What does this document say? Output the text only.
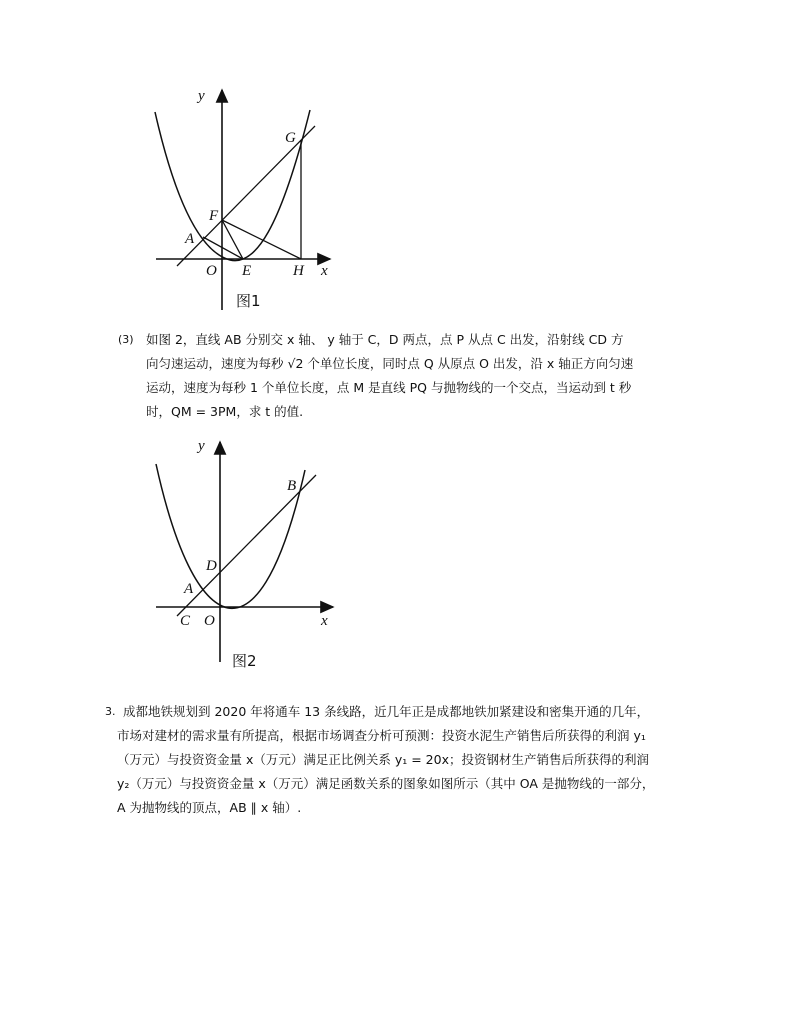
y
x
O
A
E
F
G
H
图1
(3) 如图 2，直线 AB 分别交 x 轴、 y 轴于 C，D 两点，点 P 从点 C 出发，沿射线 CD 方
向匀速运动，速度为每秒 √2 个单位长度，同时点 Q 从原点 O 出发，沿 x 轴正方向匀速
运动，速度为每秒 1 个单位长度，点 M 是直线 PQ 与抛物线的一个交点，当运动到 t 秒
时，QM = 3PM，求 t 的值.
y
x
O
C
A
D
B
图2
3. 成都地铁规划到 2020 年将通车 13 条线路，近几年正是成都地铁加紧建设和密集开通的几年，
市场对建材的需求量有所提高，根据市场调查分析可预测：投资水泥生产销售后所获得的利润 y₁
（万元）与投资资金量 x（万元）满足正比例关系 y₁ = 20x；投资钢材生产销售后所获得的利润
y₂（万元）与投资资金量 x（万元）满足函数关系的图象如图所示（其中 OA 是抛物线的一部分，
A 为抛物线的顶点，AB ∥ x 轴）.
